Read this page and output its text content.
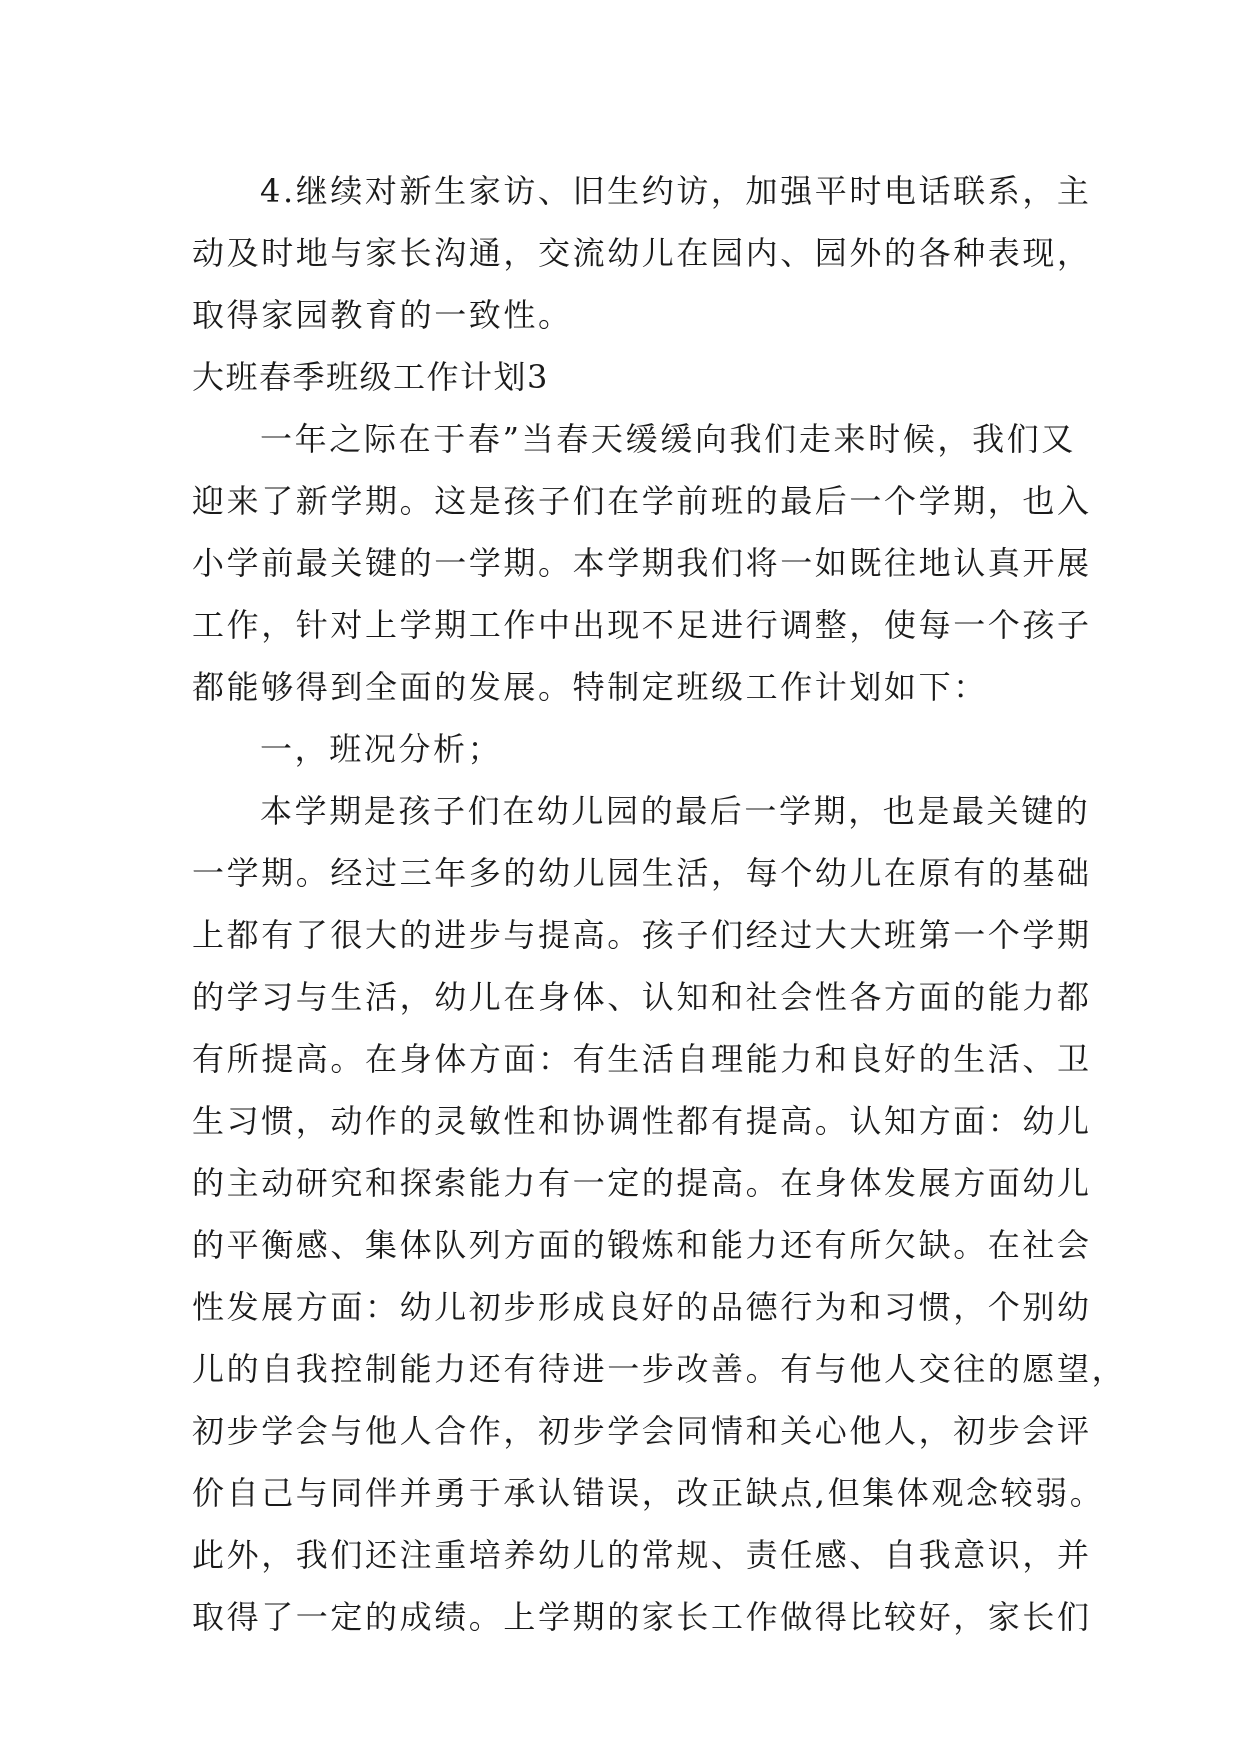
4.继续对新生家访、旧生约访，加强平时电话联系，主
动及时地与家长沟通，交流幼儿在园内、园外的各种表现，
取得家园教育的一致性。
大班春季班级工作计划3
一年之际在于春”当春天缓缓向我们走来时候，我们又
迎来了新学期。这是孩子们在学前班的最后一个学期，也入
小学前最关键的一学期。本学期我们将一如既往地认真开展
工作，针对上学期工作中出现不足进行调整，使每一个孩子
都能够得到全面的发展。特制定班级工作计划如下：
一，班况分析；
本学期是孩子们在幼儿园的最后一学期，也是最关键的
一学期。经过三年多的幼儿园生活，每个幼儿在原有的基础
上都有了很大的进步与提高。孩子们经过大大班第一个学期
的学习与生活，幼儿在身体、认知和社会性各方面的能力都
有所提高。在身体方面：有生活自理能力和良好的生活、卫
生习惯，动作的灵敏性和协调性都有提高。认知方面：幼儿
的主动研究和探索能力有一定的提高。在身体发展方面幼儿
的平衡感、集体队列方面的锻炼和能力还有所欠缺。在社会
性发展方面：幼儿初步形成良好的品德行为和习惯，个别幼
儿的自我控制能力还有待进一步改善。有与他人交往的愿望，
初步学会与他人合作，初步学会同情和关心他人，初步会评
价自己与同伴并勇于承认错误，改正缺点,但集体观念较弱。
此外，我们还注重培养幼儿的常规、责任感、自我意识，并
取得了一定的成绩。上学期的家长工作做得比较好，家长们
